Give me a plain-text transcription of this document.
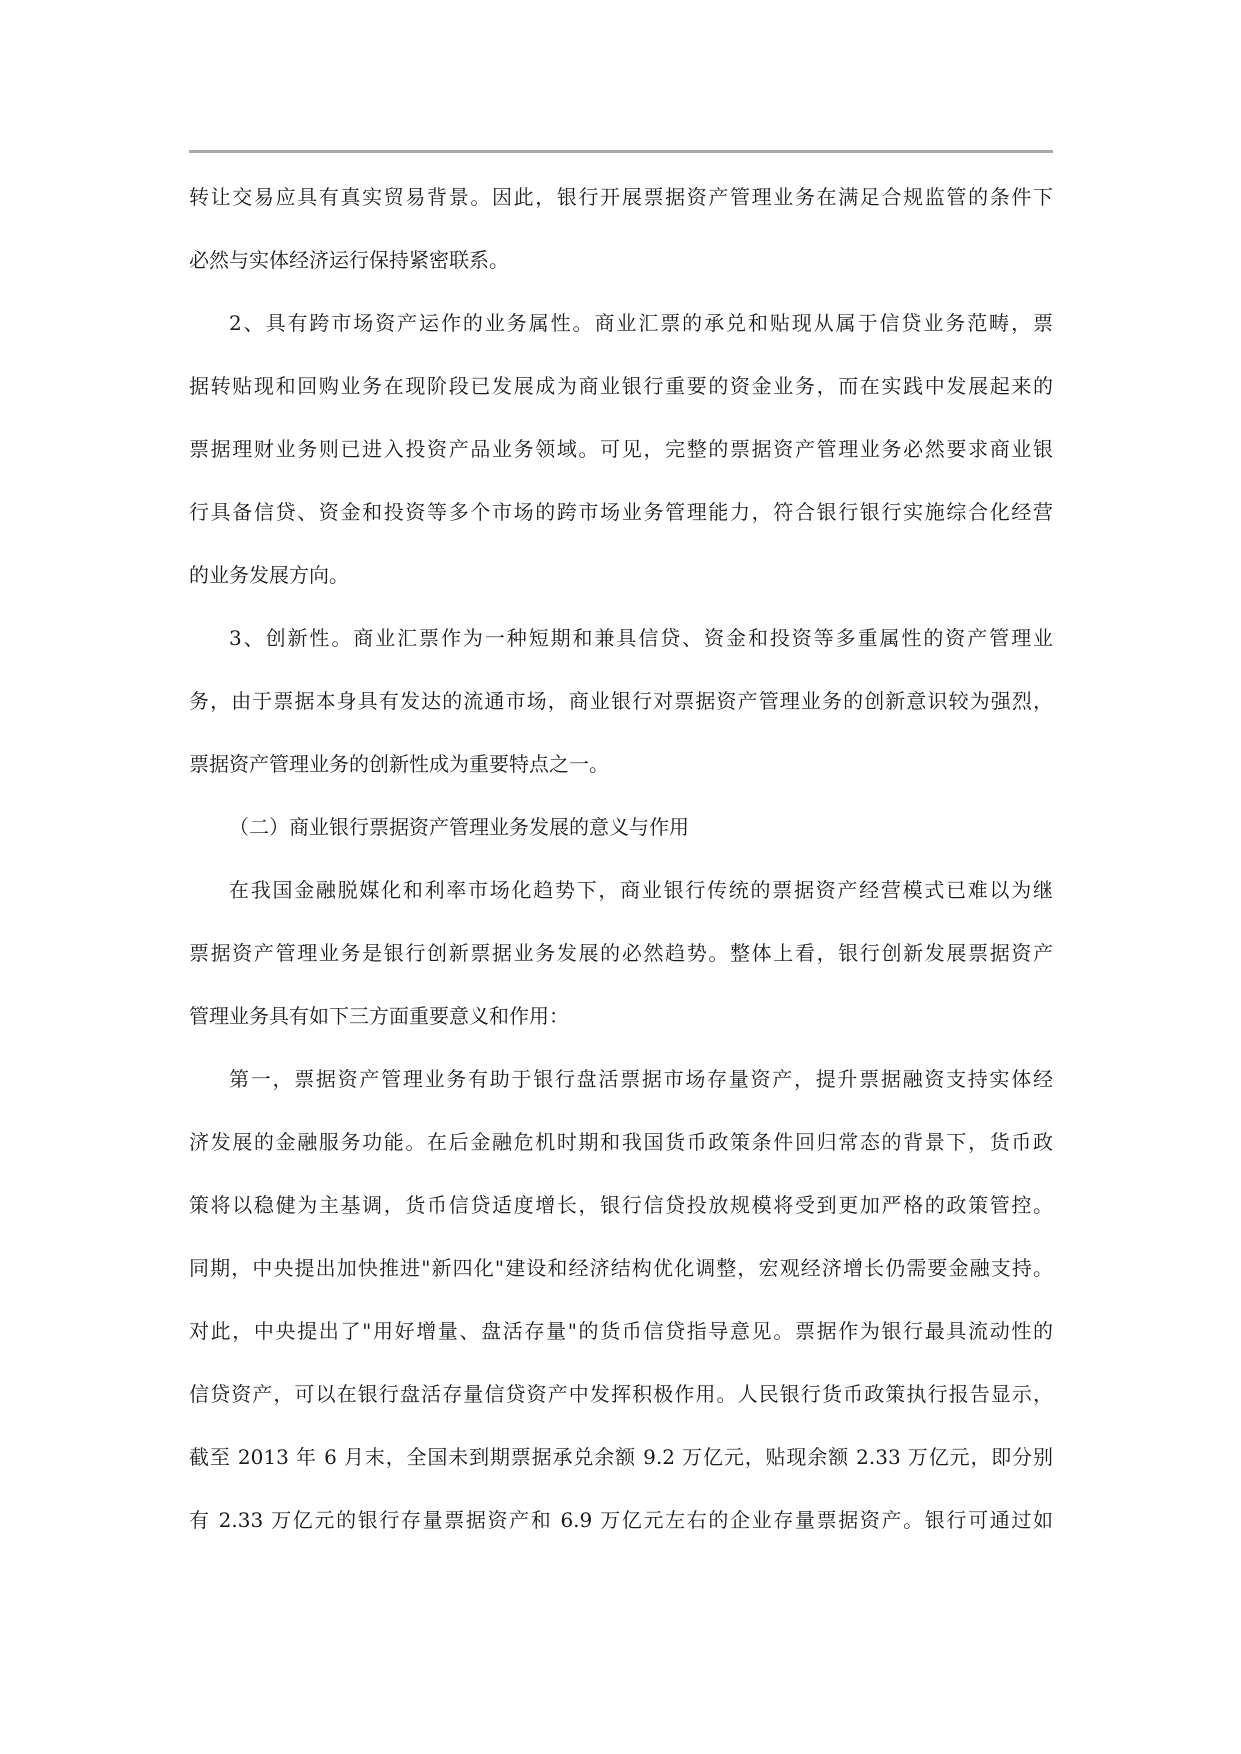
转让交易应具有真实贸易背景。因此，银行开展票据资产管理业务在满足合规监管的条件下
必然与实体经济运行保持紧密联系。

2、具有跨市场资产运作的业务属性。商业汇票的承兑和贴现从属于信贷业务范畴，票
据转贴现和回购业务在现阶段已发展成为商业银行重要的资金业务，而在实践中发展起来的
票据理财业务则已进入投资产品业务领域。可见，完整的票据资产管理业务必然要求商业银
行具备信贷、资金和投资等多个市场的跨市场业务管理能力，符合银行银行实施综合化经营
的业务发展方向。

3、创新性。商业汇票作为一种短期和兼具信贷、资金和投资等多重属性的资产管理业
务，由于票据本身具有发达的流通市场，商业银行对票据资产管理业务的创新意识较为强烈，
票据资产管理业务的创新性成为重要特点之一。

（二）商业银行票据资产管理业务发展的意义与作用

在我国金融脱媒化和利率市场化趋势下，商业银行传统的票据资产经营模式已难以为继
票据资产管理业务是银行创新票据业务发展的必然趋势。整体上看，银行创新发展票据资产
管理业务具有如下三方面重要意义和作用：

第一，票据资产管理业务有助于银行盘活票据市场存量资产，提升票据融资支持实体经
济发展的金融服务功能。在后金融危机时期和我国货币政策条件回归常态的背景下，货币政
策将以稳健为主基调，货币信贷适度增长，银行信贷投放规模将受到更加严格的政策管控。
同期，中央提出加快推进"新四化"建设和经济结构优化调整，宏观经济增长仍需要金融支持。
对此，中央提出了"用好增量、盘活存量"的货币信贷指导意见。票据作为银行最具流动性的
信贷资产，可以在银行盘活存量信贷资产中发挥积极作用。人民银行货币政策执行报告显示，
截至 2013 年 6 月末，全国未到期票据承兑余额 9.2 万亿元，贴现余额 2.33 万亿元，即分别
有 2.33 万亿元的银行存量票据资产和 6.9 万亿元左右的企业存量票据资产。银行可通过如
